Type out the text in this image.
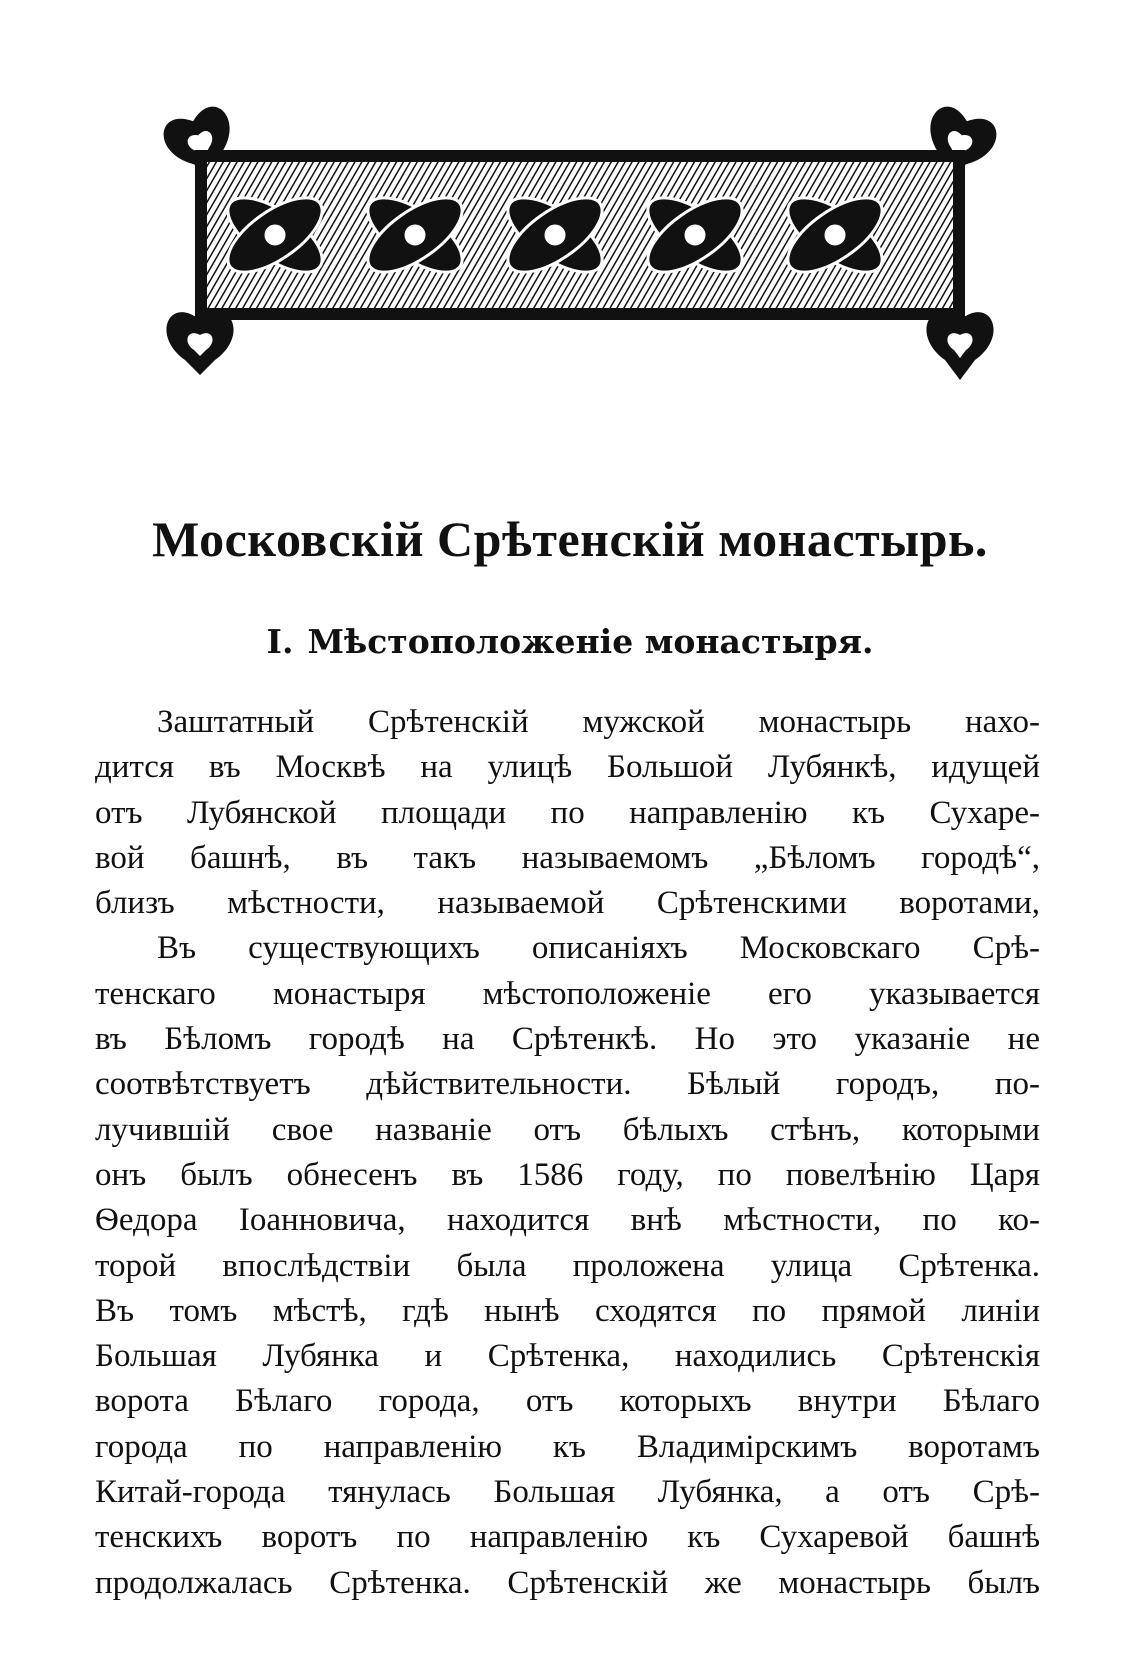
Московскій Срѣтенскій монастырь.
I. Мѣстоположеніе монастыря.
Заштатный Срѣтенскій мужской монастырь нахо-
дится въ Москвѣ на улицѣ Большой Лубянкѣ, идущей
отъ Лубянской площади по направленію къ Сухаре-
вой башнѣ, въ такъ называемомъ „Бѣломъ городѣ“,
близъ мѣстности, называемой Срѣтенскими воротами,
Въ существующихъ описаніяхъ Московскаго Срѣ-
тенскаго монастыря мѣстоположеніе его указывается
въ Бѣломъ городѣ на Срѣтенкѣ. Но это указаніе не
соотвѣтствуетъ дѣйствительности. Бѣлый городъ, по-
лучившій свое названіе отъ бѣлыхъ стѣнъ, которыми
онъ былъ обнесенъ въ 1586 году, по повелѣнію Царя
Ѳедора Іоанновича, находится внѣ мѣстности, по ко-
торой впослѣдствіи была проложена улица Срѣтенка.
Въ томъ мѣстѣ, гдѣ нынѣ сходятся по прямой линіи
Большая Лубянка и Срѣтенка, находились Срѣтенскія
ворота Бѣлаго города, отъ которыхъ внутри Бѣлаго
города по направленію къ Владимірскимъ воротамъ
Китай-города тянулась Большая Лубянка, а отъ Срѣ-
тенскихъ воротъ по направленію къ Сухаревой башнѣ
продолжалась Срѣтенка. Срѣтенскій же монастырь былъ
